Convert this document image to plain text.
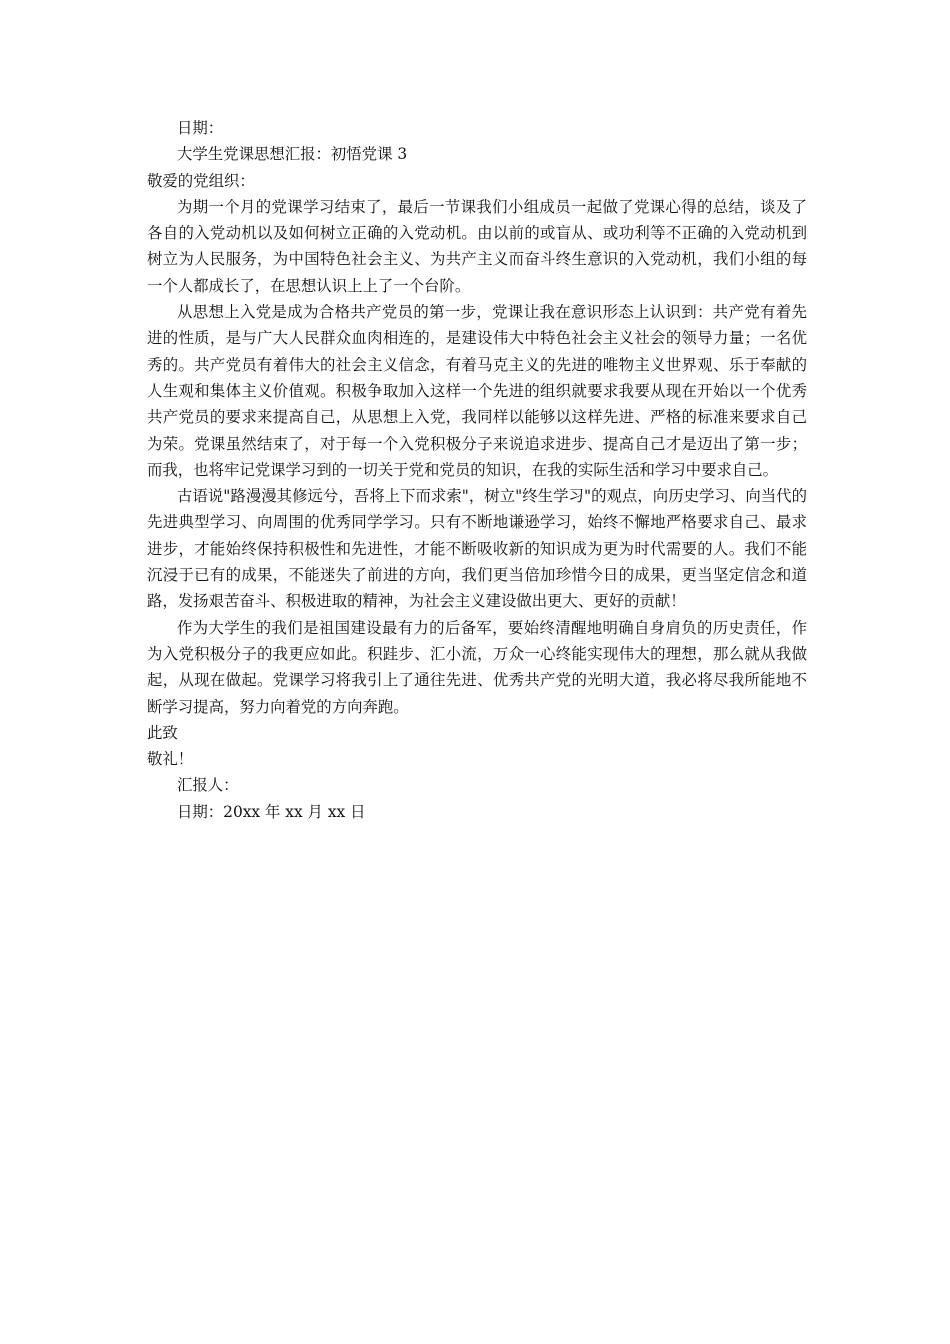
日期：

大学生党课思想汇报：初悟党课 3

敬爱的党组织：

为期一个月的党课学习结束了，最后一节课我们小组成员一起做了党课心得的总结，谈及了各自的入党动机以及如何树立正确的入党动机。由以前的或盲从、或功利等不正确的入党动机到树立为人民服务，为中国特色社会主义、为共产主义而奋斗终生意识的入党动机，我们小组的每一个人都成长了，在思想认识上上了一个台阶。

从思想上入党是成为合格共产党员的第一步，党课让我在意识形态上认识到：共产党有着先进的性质，是与广大人民群众血肉相连的，是建设伟大中特色社会主义社会的领导力量；一名优秀的。共产党员有着伟大的社会主义信念，有着马克主义的先进的唯物主义世界观、乐于奉献的人生观和集体主义价值观。积极争取加入这样一个先进的组织就要求我要从现在开始以一个优秀共产党员的要求来提高自己，从思想上入党，我同样以能够以这样先进、严格的标准来要求自己为荣。党课虽然结束了，对于每一个入党积极分子来说追求进步、提高自己才是迈出了第一步；而我，也将牢记党课学习到的一切关于党和党员的知识，在我的实际生活和学习中要求自己。

古语说"路漫漫其修远兮，吾将上下而求索"，树立"终生学习"的观点，向历史学习、向当代的先进典型学习、向周围的优秀同学学习。只有不断地谦逊学习，始终不懈地严格要求自己、最求进步，才能始终保持积极性和先进性，才能不断吸收新的知识成为更为时代需要的人。我们不能沉浸于已有的成果，不能迷失了前进的方向，我们更当倍加珍惜今日的成果，更当坚定信念和道路，发扬艰苦奋斗、积极进取的精神，为社会主义建设做出更大、更好的贡献！

作为大学生的我们是祖国建设最有力的后备军，要始终清醒地明确自身肩负的历史责任，作为入党积极分子的我更应如此。积跬步、汇小流，万众一心终能实现伟大的理想，那么就从我做起，从现在做起。党课学习将我引上了通往先进、优秀共产党的光明大道，我必将尽我所能地不断学习提高，努力向着党的方向奔跑。

此致

敬礼！

汇报人：

日期：20xx 年 xx 月 xx 日
